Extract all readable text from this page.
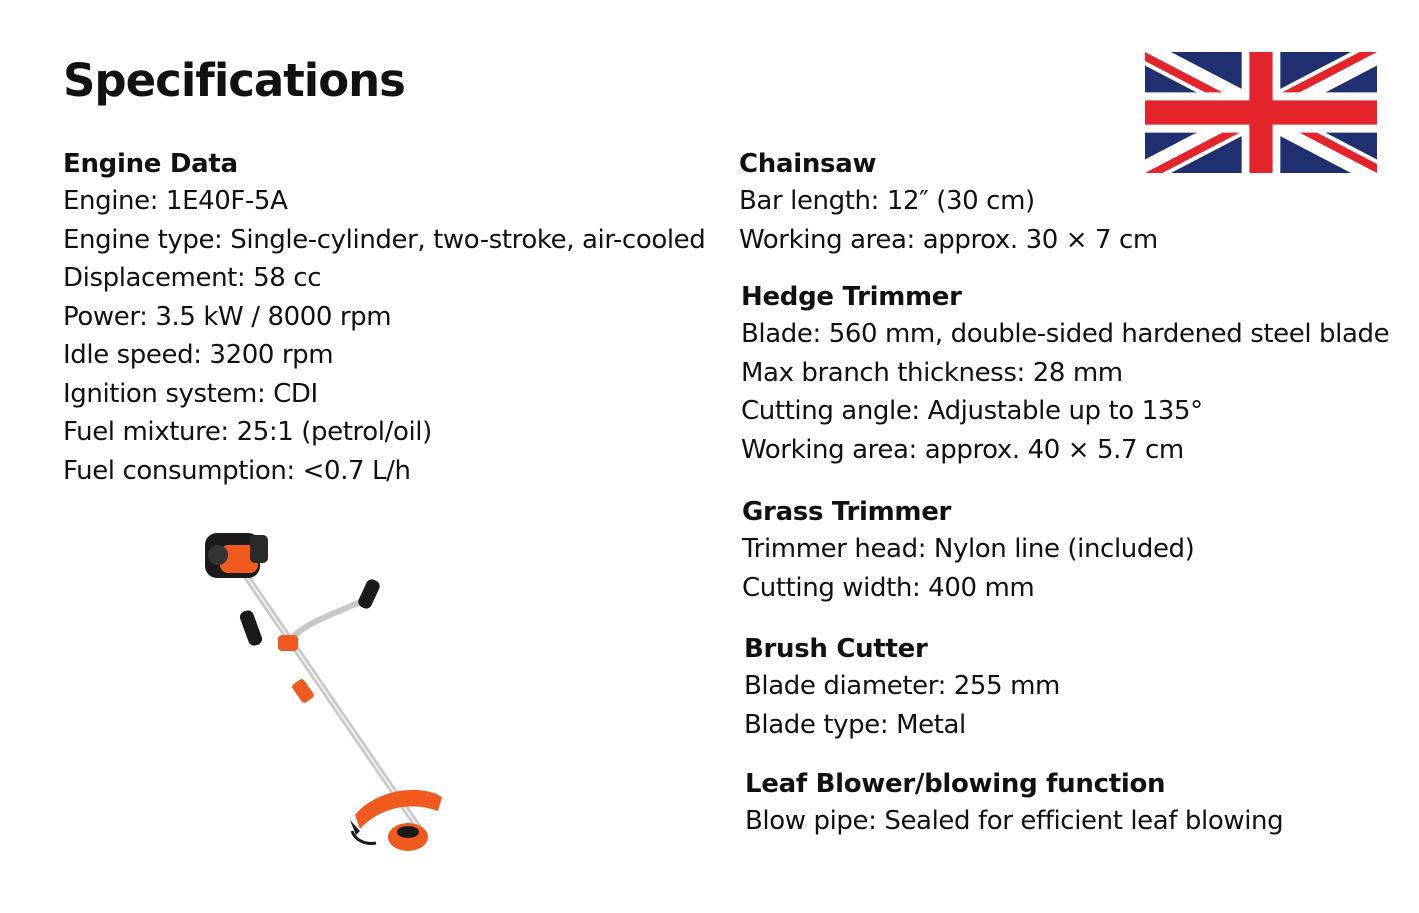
Specifications
Engine Data
Engine: 1E40F-5A
Engine type: Single-cylinder, two-stroke, air-cooled
Displacement: 58 cc
Power: 3.5 kW / 8000 rpm
Idle speed: 3200 rpm
Ignition system: CDI
Fuel mixture: 25:1 (petrol/oil)
Fuel consumption: <0.7 L/h
Chainsaw
Bar length: 12″ (30 cm)
Working area: approx. 30 × 7 cm
Hedge Trimmer
Blade: 560 mm, double-sided hardened steel blade
Max branch thickness: 28 mm
Cutting angle: Adjustable up to 135°
Working area: approx. 40 × 5.7 cm
Grass Trimmer
Trimmer head: Nylon line (included)
Cutting width: 400 mm
Brush Cutter
Blade diameter: 255 mm
Blade type: Metal
Leaf Blower/blowing function
Blow pipe: Sealed for efficient leaf blowing
